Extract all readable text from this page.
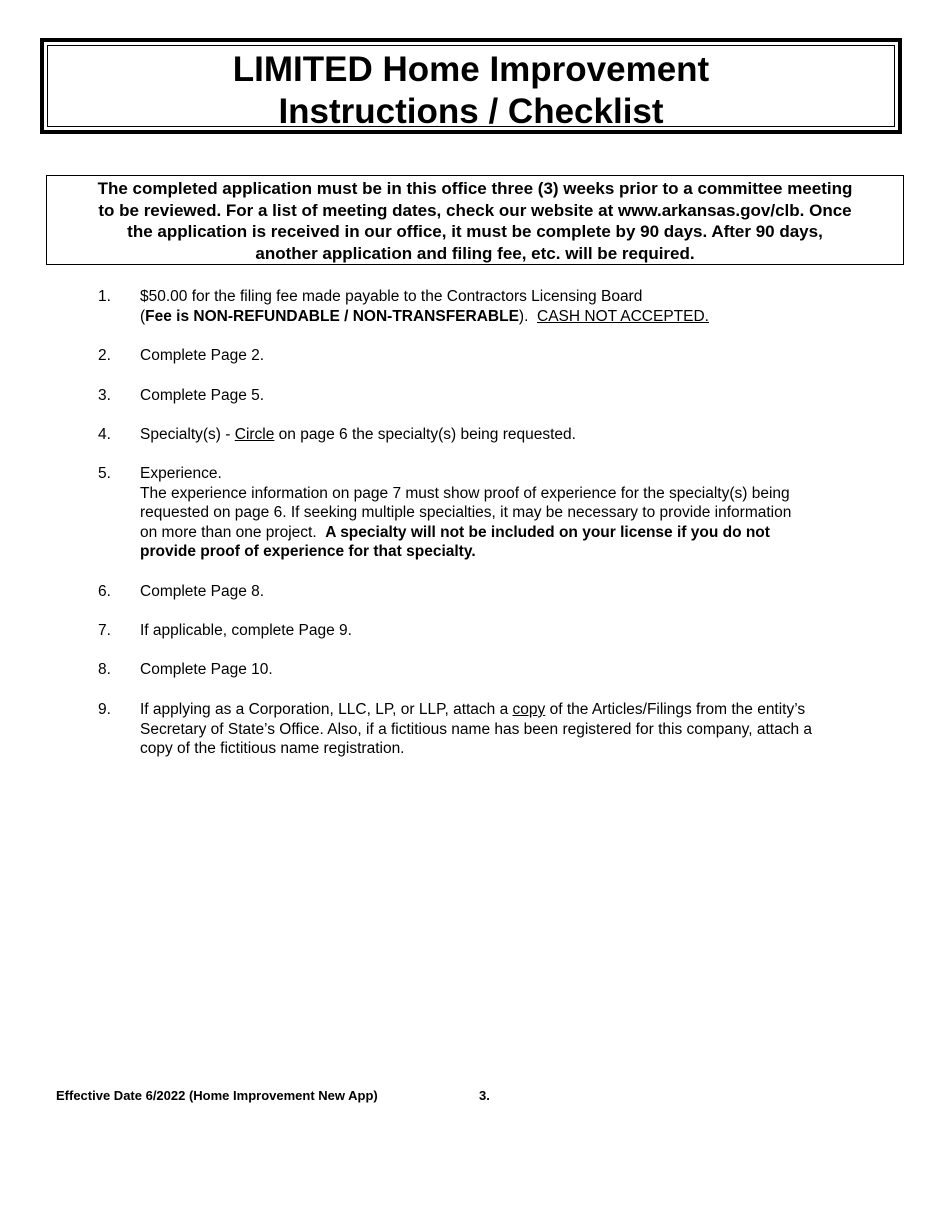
LIMITED Home Improvement
Instructions / Checklist
The completed application must be in this office three (3) weeks prior to a committee meeting
to be reviewed. For a list of meeting dates, check our website at www.arkansas.gov/clb. Once
the application is received in our office, it must be complete by 90 days. After 90 days,
another application and filing fee, etc. will be required.
1. $50.00 for the filing fee made payable to the Contractors Licensing Board
(Fee is NON-REFUNDABLE / NON-TRANSFERABLE).  CASH NOT ACCEPTED.
2. Complete Page 2.
3. Complete Page 5.
4. Specialty(s) - Circle on page 6 the specialty(s) being requested.
5. Experience.
The experience information on page 7 must show proof of experience for the specialty(s) being
requested on page 6. If seeking multiple specialties, it may be necessary to provide information
on more than one project.  A specialty will not be included on your license if you do not
provide proof of experience for that specialty.
6. Complete Page 8.
7. If applicable, complete Page 9.
8. Complete Page 10.
9. If applying as a Corporation, LLC, LP, or LLP, attach a copy of the Articles/Filings from the entity’s
Secretary of State’s Office. Also, if a fictitious name has been registered for this company, attach a
copy of the fictitious name registration.
Effective Date 6/2022 (Home Improvement New App)	3.
